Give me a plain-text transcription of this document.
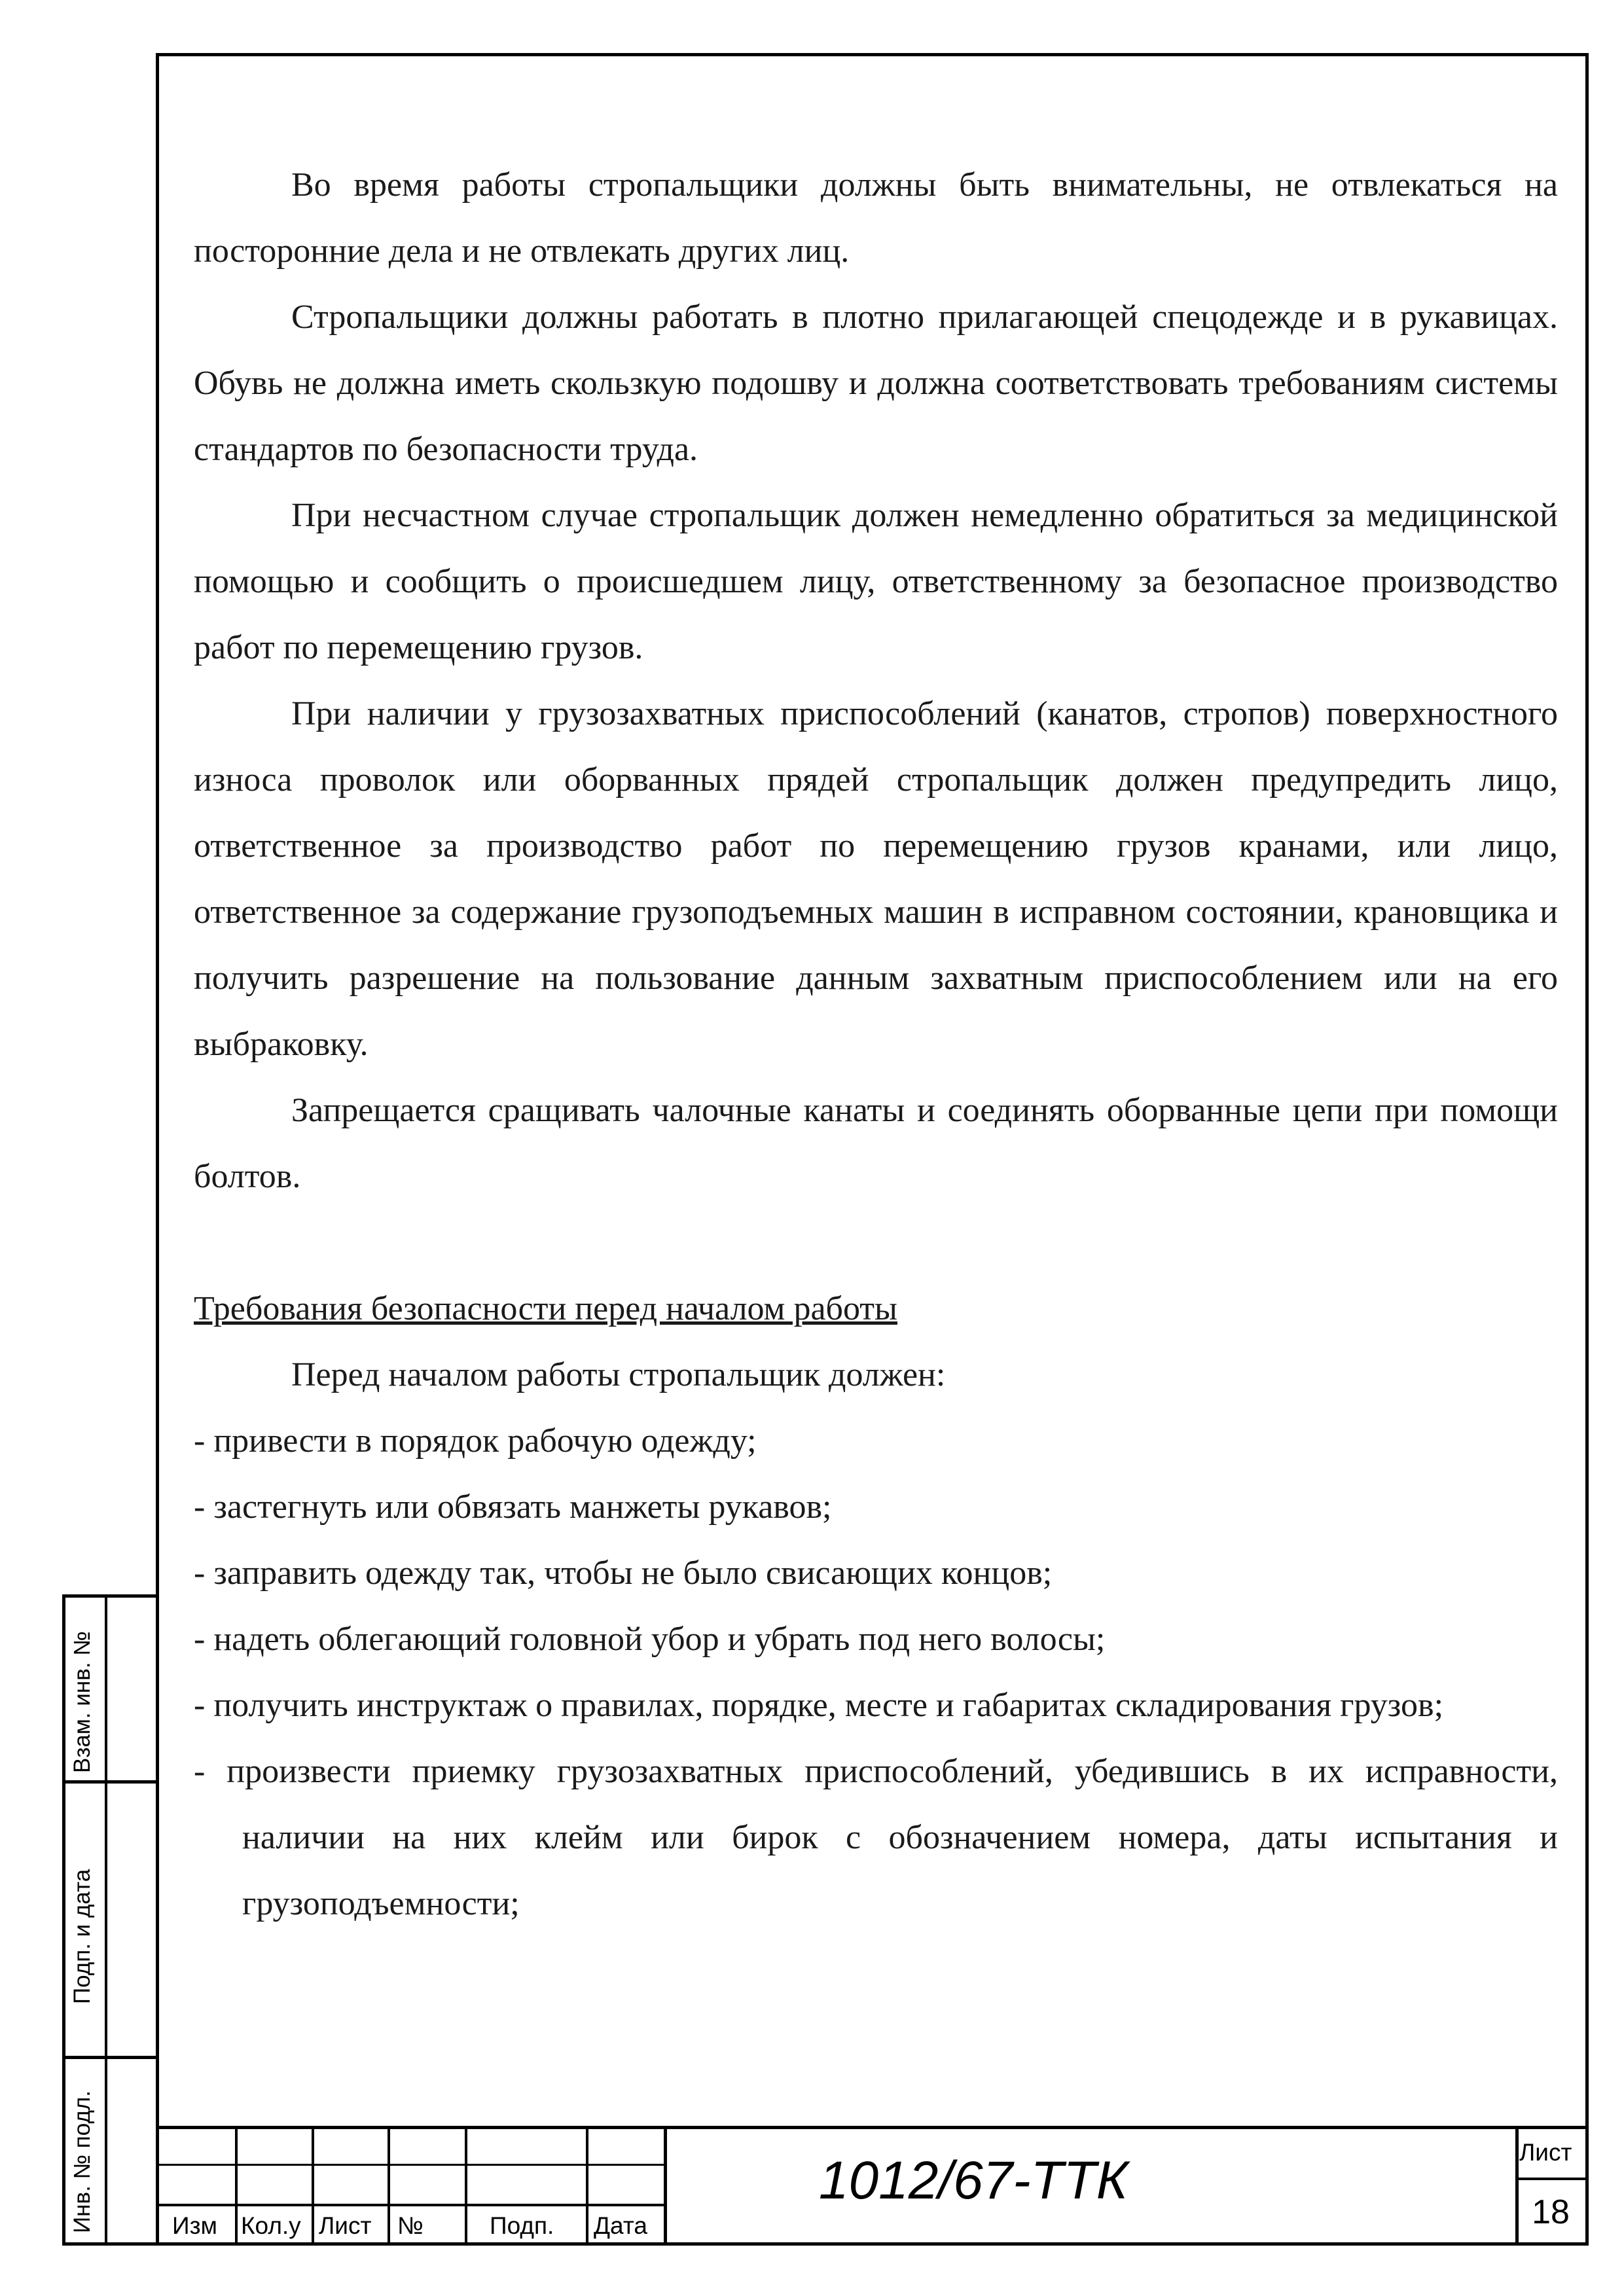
Во время работы стропальщики должны быть внимательны, не отвлекаться на посторонние дела и не отвлекать других лиц.

Стропальщики должны работать в плотно прилагающей спецодежде и в рукавицах. Обувь не должна иметь скользкую подошву и должна соответствовать требованиям системы стандартов по безопасности труда.

При несчастном случае стропальщик должен немедленно обратиться за медицинской помощью и сообщить о происшедшем лицу, ответственному за безопасное производство работ по перемещению грузов.

При наличии у грузозахватных приспособлений (канатов, стропов) поверхностного износа проволок или оборванных прядей стропальщик должен предупредить лицо, ответственное за производство работ по перемещению грузов кранами, или лицо, ответственное за содержание грузоподъемных машин в исправном состоянии, крановщика и получить разрешение на пользование данным захватным приспособлением или на его выбраковку.

Запрещается сращивать чалочные канаты и соединять оборванные цепи при помощи болтов.

Требования безопасности перед началом работы

Перед началом работы стропальщик должен:

- привести в порядок рабочую одежду;

- застегнуть или обвязать манжеты рукавов;

- заправить одежду так, чтобы не было свисающих концов;

- надеть облегающий головной убор и убрать под него волосы;

- получить инструктаж о правилах, порядке, месте и габаритах складирования грузов;

- произвести приемку грузозахватных приспособлений, убедившись в их исправности, наличии на них клейм или бирок с обозначением номера, даты испытания и грузоподъемности;

Взам. инв. №
Подп. и дата
Инв. № подл.	Изм Кол.у Лист №	Подп. Дата
1012/67-ТТК	Лист
18
